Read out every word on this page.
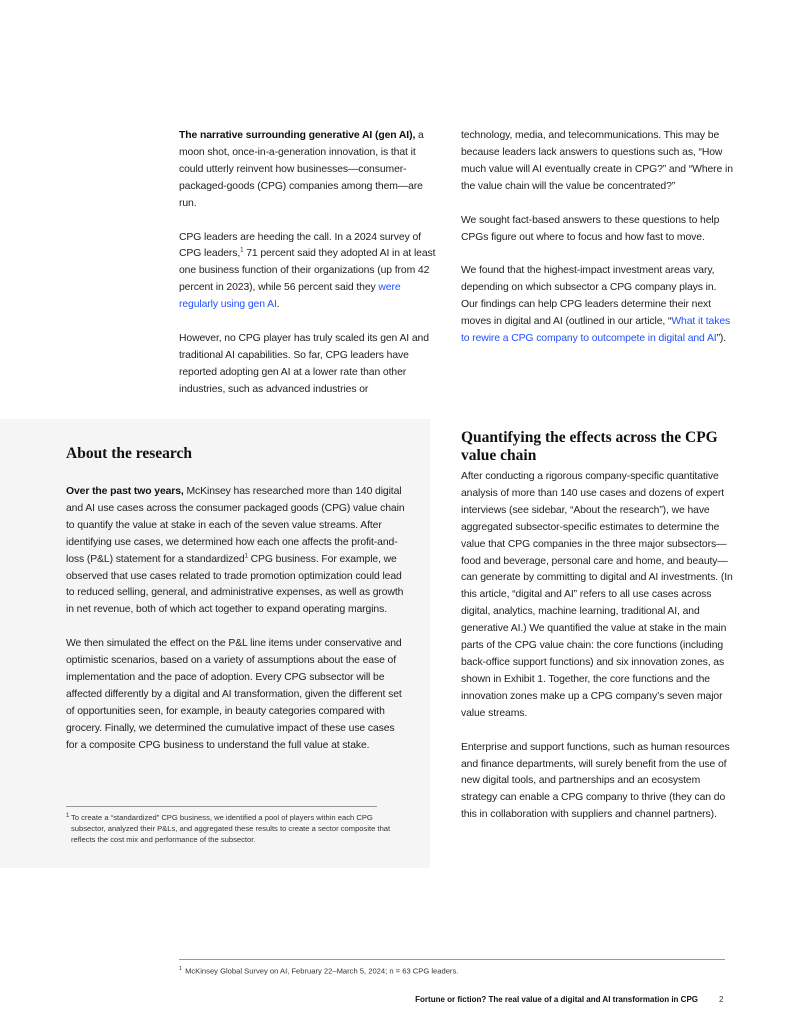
The narrative surrounding generative AI (gen AI), a moon shot, once-in-a-generation innovation, is that it could utterly reinvent how businesses—consumer-packaged-goods (CPG) companies among them—are run.

CPG leaders are heeding the call. In a 2024 survey of CPG leaders,$^1$ 71 percent said they adopted AI in at least one business function of their organizations (up from 42 percent in 2023), while 56 percent said they were regularly using gen AI.

However, no CPG player has truly scaled its gen AI and traditional AI capabilities. So far, CPG leaders have reported adopting gen AI at a lower rate than other industries, such as advanced industries or

technology, media, and telecommunications. This may be because leaders lack answers to questions such as, “How much value will AI eventually create in CPG?” and “Where in the value chain will the value be concentrated?”

We sought fact-based answers to these questions to help CPGs figure out where to focus and how fast to move.

We found that the highest-impact investment areas vary, depending on which subsector a CPG company plays in. Our findings can help CPG leaders determine their next moves in digital and AI (outlined in our article, “What it takes to rewire a CPG company to outcompete in digital and AI”).

About the research

Over the past two years, McKinsey has researched more than 140 digital and AI use cases across the consumer packaged goods (CPG) value chain to quantify the value at stake in each of the seven value streams. After identifying use cases, we determined how each one affects the profit-and-loss (P&L) statement for a standardized$^1$ CPG business. For example, we observed that use cases related to trade promotion optimization could lead to reduced selling, general, and administrative expenses, as well as growth in net revenue, both of which act together to expand operating margins.

We then simulated the effect on the P&L line items under conservative and optimistic scenarios, based on a variety of assumptions about the ease of implementation and the pace of adoption. Every CPG subsector will be affected differently by a digital and AI transformation, given the different set of opportunities seen, for example, in beauty categories compared with grocery. Finally, we determined the cumulative impact of these use cases for a composite CPG business to understand the full value at stake.

1 To create a “standardized” CPG business, we identified a pool of players within each CPG subsector, analyzed their P&Ls, and aggregated these results to create a sector composite that reflects the cost mix and performance of the subsector.
Quantifying the effects across the CPG value chain

After conducting a rigorous company-specific quantitative analysis of more than 140 use cases and dozens of expert interviews (see sidebar, “About the research”), we have aggregated subsector-specific estimates to determine the value that CPG companies in the three major subsectors—food and beverage, personal care and home, and beauty—can generate by committing to digital and AI investments. (In this article, “digital and AI” refers to all use cases across digital, analytics, machine learning, traditional AI, and generative AI.) We quantified the value at stake in the main parts of the CPG value chain: the core functions (including back-office support functions) and six innovation zones, as shown in Exhibit 1. Together, the core functions and the innovation zones make up a CPG company’s seven major value streams.

Enterprise and support functions, such as human resources and finance departments, will surely benefit from the use of new digital tools, and partnerships and an ecosystem strategy can enable a CPG company to thrive (they can do this in collaboration with suppliers and channel partners).

$^1$ McKinsey Global Survey on AI, February 22–March 5, 2024; n = 63 CPG leaders.
Fortune or fiction? The real value of a digital and AI transformation in CPG	2
